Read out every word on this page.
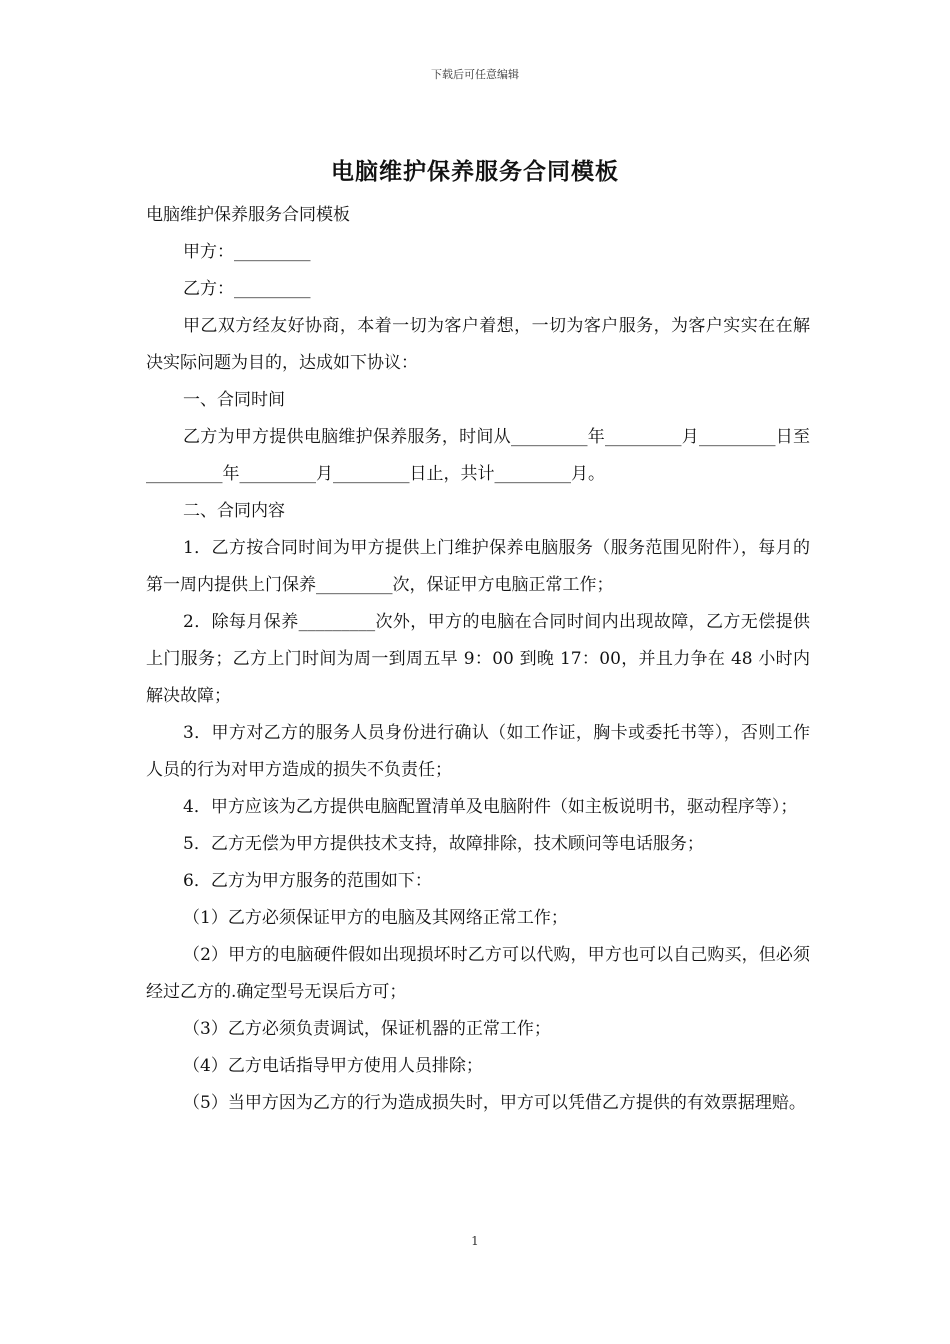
下载后可任意编辑
电脑维护保养服务合同模板

电脑维护保养服务合同模板

甲方：_________

乙方：_________

甲乙双方经友好协商，本着一切为客户着想，一切为客户服务，为客户实实在在解决实际问题为目的，达成如下协议：

一、合同时间

乙方为甲方提供电脑维护保养服务，时间从_________年_________月_________日至_________年_________月_________日止，共计_________月。

二、合同内容

1．乙方按合同时间为甲方提供上门维护保养电脑服务（服务范围见附件），每月的第一周内提供上门保养_________次，保证甲方电脑正常工作；

2．除每月保养_________次外，甲方的电脑在合同时间内出现故障，乙方无偿提供上门服务；乙方上门时间为周一到周五早 9：00 到晚 17：00，并且力争在 48 小时内解决故障；

3．甲方对乙方的服务人员身份进行确认（如工作证，胸卡或委托书等），否则工作人员的行为对甲方造成的损失不负责任；

4．甲方应该为乙方提供电脑配置清单及电脑附件（如主板说明书，驱动程序等）；

5．乙方无偿为甲方提供技术支持，故障排除，技术顾问等电话服务；

6．乙方为甲方服务的范围如下：

（1）乙方必须保证甲方的电脑及其网络正常工作；

（2）甲方的电脑硬件假如出现损坏时乙方可以代购，甲方也可以自己购买，但必须经过乙方的.确定型号无误后方可；

（3）乙方必须负责调试，保证机器的正常工作；

（4）乙方电话指导甲方使用人员排除；

（5）当甲方因为乙方的行为造成损失时，甲方可以凭借乙方提供的有效票据理赔。

1
